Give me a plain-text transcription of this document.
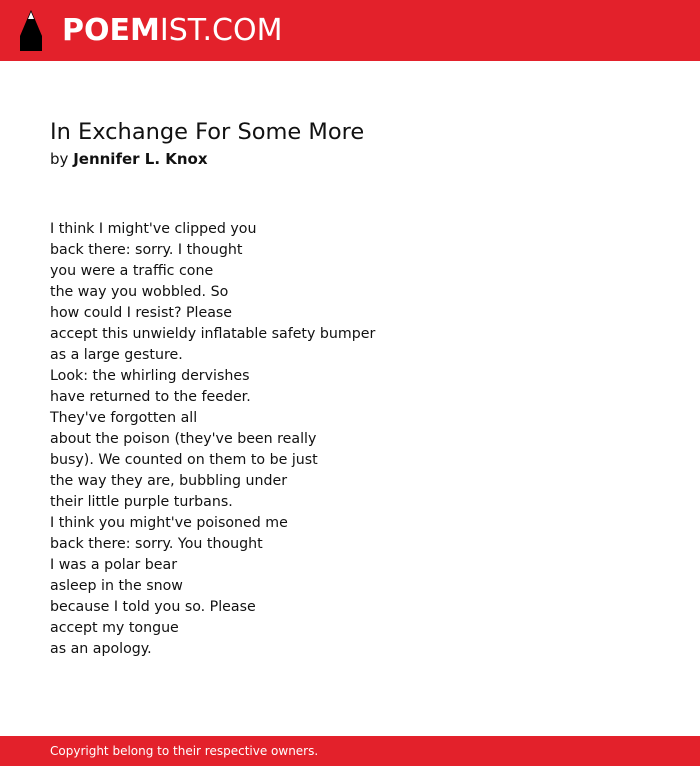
POEMIST.COM
In Exchange For Some More
by Jennifer L. Knox
I think I might've clipped you
back there: sorry. I thought
you were a traffic cone
the way you wobbled. So
how could I resist? Please
accept this unwieldy inflatable safety bumper
as a large gesture.
Look: the whirling dervishes
have returned to the feeder.
They've forgotten all
about the poison (they've been really
busy). We counted on them to be just
the way they are, bubbling under
their little purple turbans.
I think you might've poisoned me
back there: sorry. You thought
I was a polar bear
asleep in the snow
because I told you so. Please
accept my tongue
as an apology.
Copyright belong to their respective owners.
